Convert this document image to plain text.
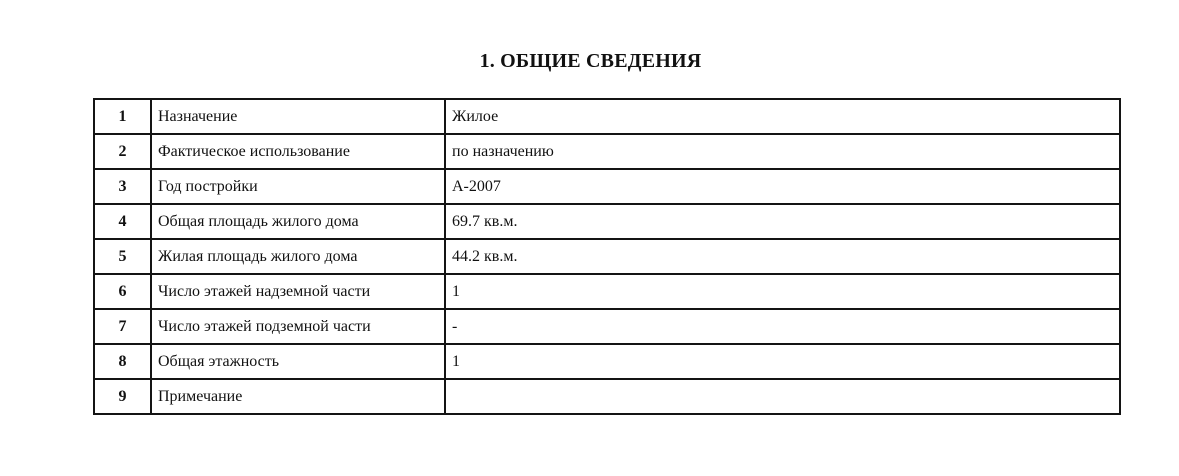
1. ОБЩИЕ СВЕДЕНИЯ
1	Назначение	Жилое
2	Фактическое использование	по назначению
3	Год постройки	А-2007
4	Общая площадь жилого дома	69.7 кв.м.
5	Жилая площадь жилого дома	44.2 кв.м.
6	Число этажей надземной части	1
7	Число этажей подземной части	-
8	Общая этажность	1
9	Примечание	
